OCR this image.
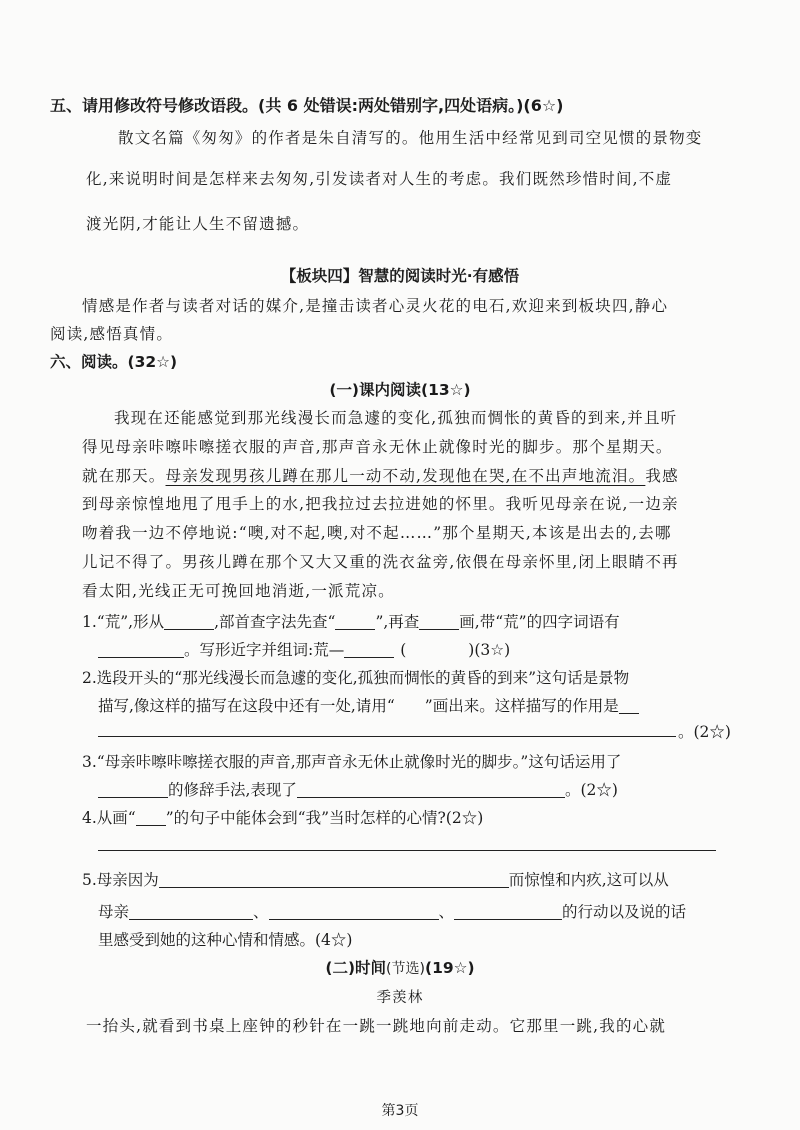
五、请用修改符号修改语段。(共 6 处错误:两处错别字,四处语病。)(6☆)
散文名篇《匆匆》的作者是朱自清写的。他用生活中经常见到司空见惯的景物变
化,来说明时间是怎样来去匆匆,引发读者对人生的考虑。我们既然珍惜时间,不虚
渡光阴,才能让人生不留遗撼。
【板块四】智慧的阅读时光·有感悟
情感是作者与读者对话的媒介,是撞击读者心灵火花的电石,欢迎来到板块四,静心
阅读,感悟真情。
六、阅读。(32☆)
(一)课内阅读(13☆)
我现在还能感觉到那光线漫长而急遽的变化,孤独而惆怅的黄昏的到来,并且听
得见母亲咔嚓咔嚓搓衣服的声音,那声音永无休止就像时光的脚步。那个星期天。
就在那天。母亲发现男孩儿蹲在那儿一动不动,发现他在哭,在不出声地流泪。我感
到母亲惊惶地甩了甩手上的水,把我拉过去拉进她的怀里。我听见母亲在说,一边亲
吻着我一边不停地说:“噢,对不起,噢,对不起……”那个星期天,本该是出去的,去哪
儿记不得了。男孩儿蹲在那个又大又重的洗衣盆旁,依偎在母亲怀里,闭上眼睛不再
看太阳,光线正无可挽回地消逝,一派荒凉。
1.“荒”,形从	,部首查字法先查“	”,再查	画,带“荒”的四字词语有
。写形近字并组词:荒—	(	)(3☆)
2.选段开头的“那光线漫长而急遽的变化,孤独而惆怅的黄昏的到来”这句话是景物
描写,像这样的描写在这段中还有一处,请用“ ”画出来。这样描写的作用是
。(2☆)
3.“母亲咔嚓咔嚓搓衣服的声音,那声音永无休止就像时光的脚步。”这句话运用了
的修辞手法,表现了	。(2☆)
4.从画“ ”的句子中能体会到“我”当时怎样的心情?(2☆)
5.母亲因为	而惊惶和内疚,这可以从
母亲	、	、	的行动以及说的话
里感受到她的这种心情和情感。(4☆)
(二)时间(节选)(19☆)
季羡林
一抬头,就看到书桌上座钟的秒针在一跳一跳地向前走动。它那里一跳,我的心就
第3页
